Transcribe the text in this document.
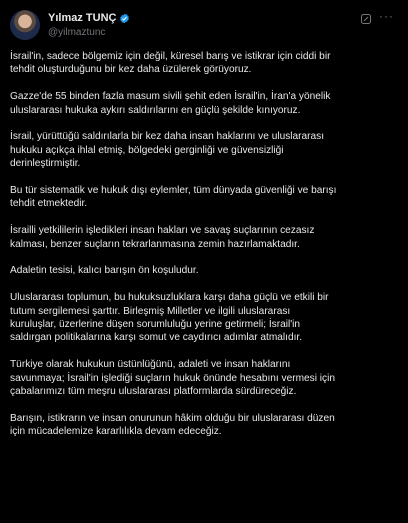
Yılmaz TUNÇ
@yilmaztunc
···

İsrail'in, sadece bölgemiz için değil, küresel barış ve istikrar için ciddi bir
tehdit oluşturduğunu bir kez daha üzülerek görüyoruz.

Gazze'de 55 binden fazla masum sivili şehit eden İsrail'in, İran'a yönelik
uluslararası hukuka aykırı saldırılarını en güçlü şekilde kınıyoruz.

İsrail, yürüttüğü saldırılarla bir kez daha insan haklarını ve uluslararası
hukuku açıkça ihlal etmiş, bölgedeki gerginliği ve güvensizliği
derinleştirmiştir.

Bu tür sistematik ve hukuk dışı eylemler, tüm dünyada güvenliği ve barışı
tehdit etmektedir.

İsrailli yetkililerin işledikleri insan hakları ve savaş suçlarının cezasız
kalması, benzer suçların tekrarlanmasına zemin hazırlamaktadır.

Adaletin tesisi, kalıcı barışın ön koşuludur.

Uluslararası toplumun, bu hukuksuzluklara karşı daha güçlü ve etkili bir
tutum sergilemesi şarttır. Birleşmiş Milletler ve ilgili uluslararası
kuruluşlar, üzerlerine düşen sorumluluğu yerine getirmeli; İsrail'in
saldırgan politikalarına karşı somut ve caydırıcı adımlar atmalıdır.

Türkiye olarak hukukun üstünlüğünü, adaleti ve insan haklarını
savunmaya; İsrail'in işlediği suçların hukuk önünde hesabını vermesi için
çabalarımızı tüm meşru uluslararası platformlarda sürdüreceğiz.

Barışın, istikrarın ve insan onurunun hâkim olduğu bir uluslararası düzen
için mücadelemize kararlılıkla devam edeceğiz.
